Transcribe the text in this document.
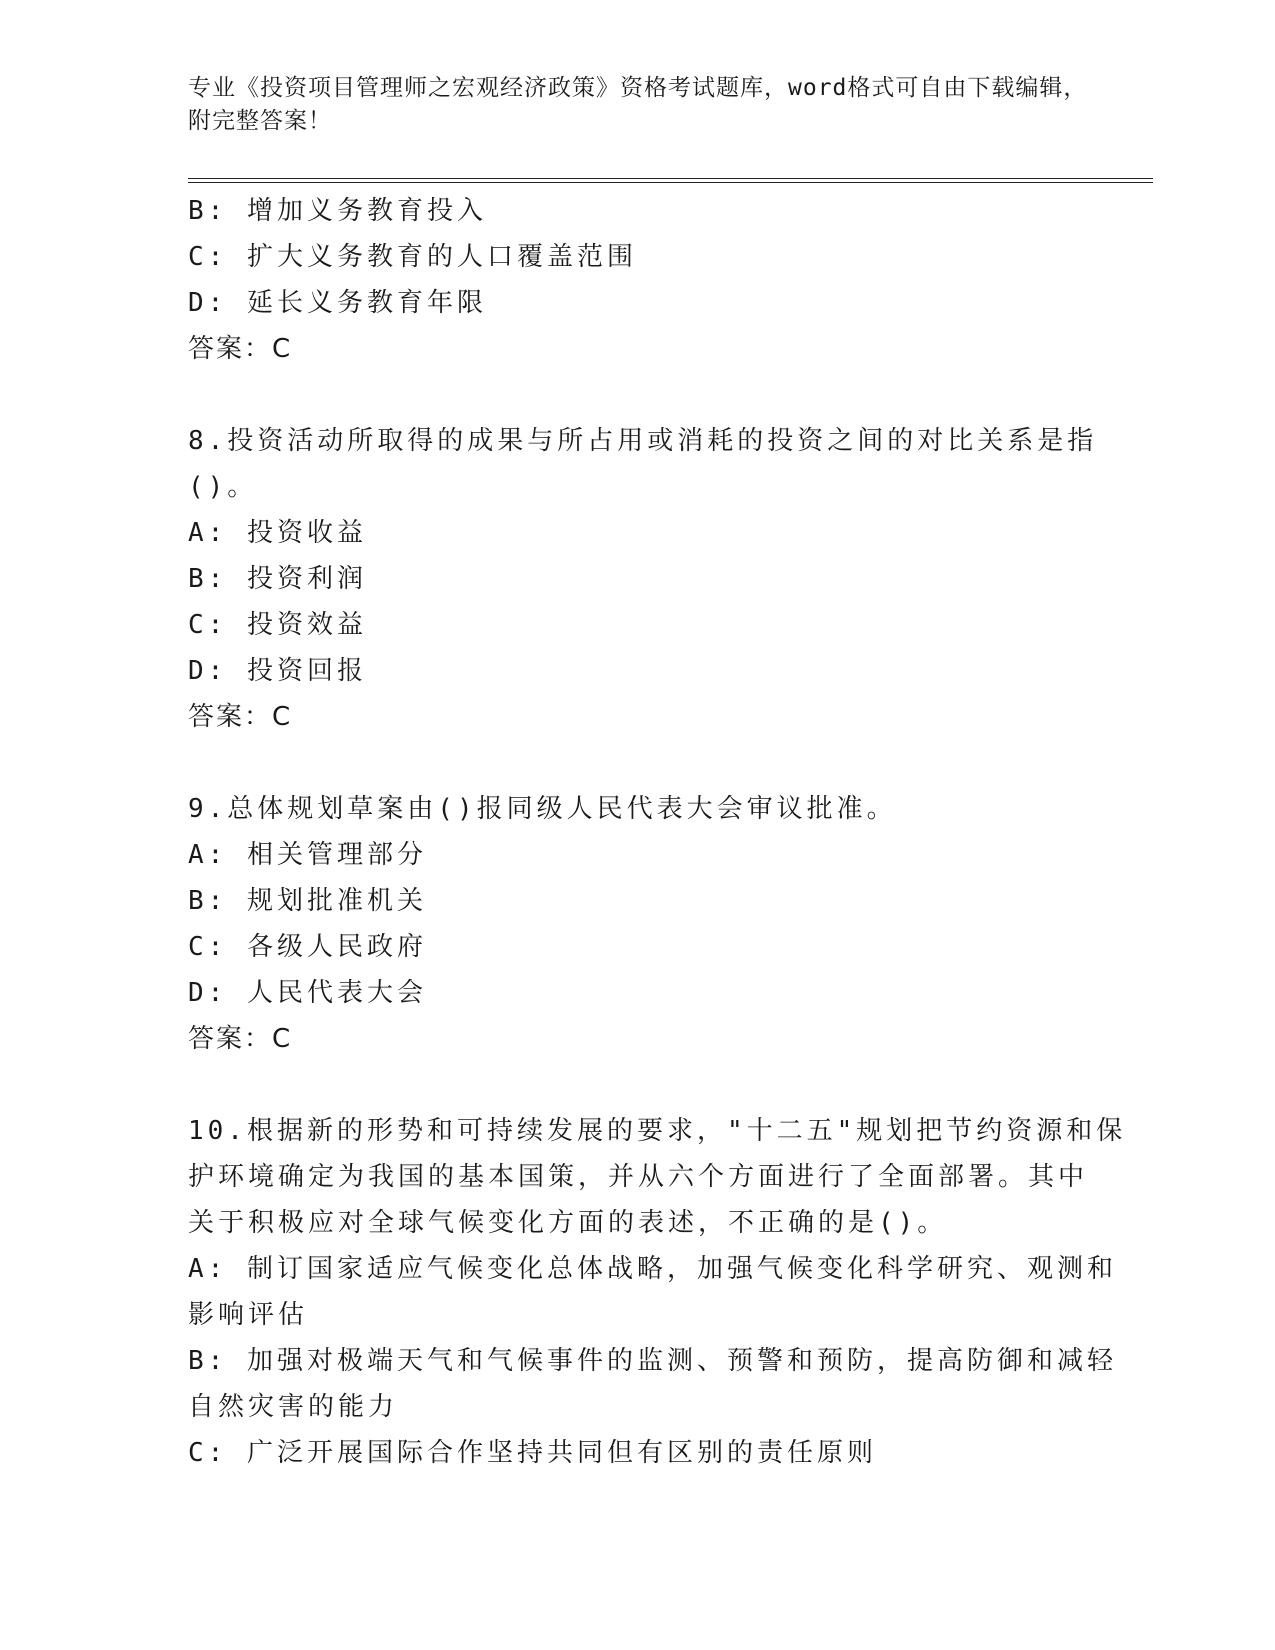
专业《投资项目管理师之宏观经济政策》资格考试题库，word格式可自由下载编辑，附完整答案！
B: 增加义务教育投入
C: 扩大义务教育的人口覆盖范围
D: 延长义务教育年限
答案：C
8.投资活动所取得的成果与所占用或消耗的投资之间的对比关系是指
()。
A: 投资收益
B: 投资利润
C: 投资效益
D: 投资回报
答案：C
9.总体规划草案由()报同级人民代表大会审议批准。
A: 相关管理部分
B: 规划批准机关
C: 各级人民政府
D: 人民代表大会
答案：C
10.根据新的形势和可持续发展的要求，"十二五"规划把节约资源和保
护环境确定为我国的基本国策，并从六个方面进行了全面部署。其中
关于积极应对全球气候变化方面的表述，不正确的是()。
A: 制订国家适应气候变化总体战略，加强气候变化科学研究、观测和
影响评估
B: 加强对极端天气和气候事件的监测、预警和预防，提高防御和减轻
自然灾害的能力
C: 广泛开展国际合作坚持共同但有区别的责任原则
